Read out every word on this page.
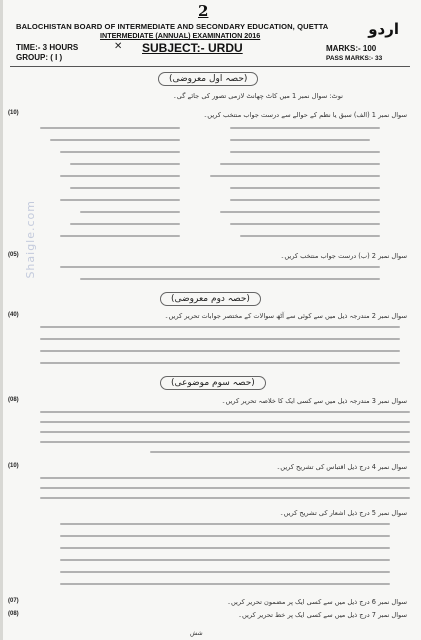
2
اردو
BALOCHISTAN BOARD OF INTERMEDIATE AND SECONDARY EDUCATION, QUETTA
INTERMEDIATE (ANNUAL) EXAMINATION 2016
TIME:- 3 HOURS
GROUP: ( I )
✕ SUBJECT:- URDU	MARKS:- 100
PASS MARKS:- 33
(حصہ اول معروضی)
نوٹ: سوال نمبر 1 میں کاٹ چھانٹ لازمی تصور کی جائے گی۔
(10)	سوال نمبر 1 (الف) سبق یا نظم کے حوالے سے درست جواب منتخب کریں۔
(05)	سوال نمبر 2 (ب) درست جواب منتخب کریں۔
(حصہ دوم معروضی)
(40)	سوال نمبر 2 مندرجہ ذیل میں سے کوئی سے آٹھ سوالات کے مختصر جوابات تحریر کریں۔
(حصہ سوم موضوعی)
(08)	سوال نمبر 3 مندرجہ ذیل میں سے کسی ایک کا خلاصہ تحریر کریں۔
(10)	سوال نمبر 4 درج ذیل اقتباس کی تشریح کریں۔
سوال نمبر 5 درج ذیل اشعار کی تشریح کریں۔
(07)	سوال نمبر 6 درج ذیل میں سے کسی ایک پر مضمون تحریر کریں۔
(08)	سوال نمبر 7 درج ذیل میں سے کسی ایک پر خط تحریر کریں۔
Shaigle.com
شش
